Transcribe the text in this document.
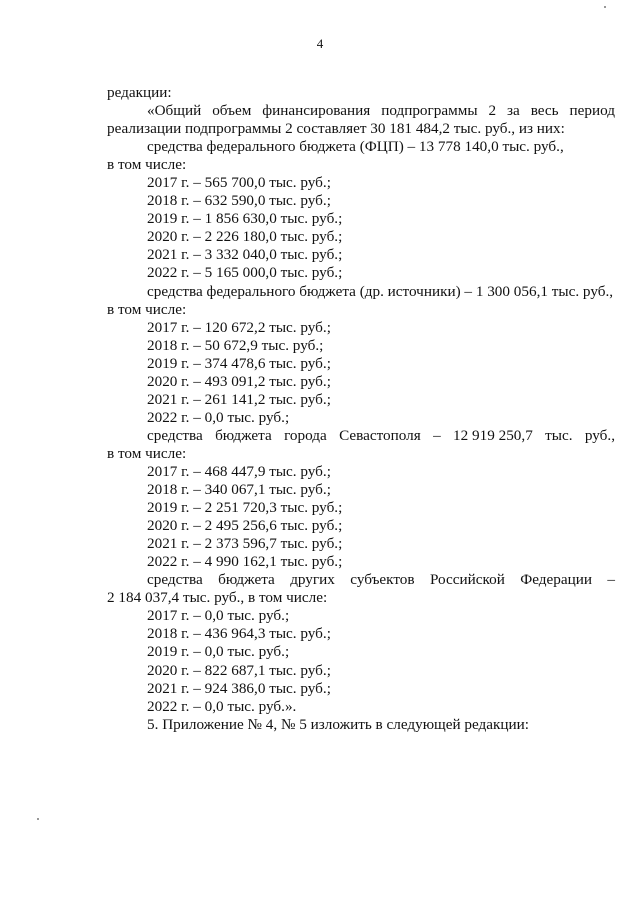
4
редакции:
«Общий объем финансирования подпрограммы 2 за весь период
реализации подпрограммы 2 составляет 30 181 484,2 тыс. руб., из них:
средства федерального бюджета (ФЦП) – 13 778 140,0 тыс. руб.,
в том числе:
2017 г. – 565 700,0 тыс. руб.;
2018 г. – 632 590,0 тыс. руб.;
2019 г. – 1 856 630,0 тыс. руб.;
2020 г. – 2 226 180,0 тыс. руб.;
2021 г. – 3 332 040,0 тыс. руб.;
2022 г. – 5 165 000,0 тыс. руб.;
средства федерального бюджета (др. источники) – 1 300 056,1 тыс. руб.,
в том числе:
2017 г. – 120 672,2 тыс. руб.;
2018 г. – 50 672,9 тыс. руб.;
2019 г. – 374 478,6 тыс. руб.;
2020 г. – 493 091,2 тыс. руб.;
2021 г. – 261 141,2 тыс. руб.;
2022 г. – 0,0 тыс. руб.;
средства бюджета города Севастополя – 12 919 250,7 тыс. руб.,
в том числе:
2017 г. – 468 447,9 тыс. руб.;
2018 г. – 340 067,1 тыс. руб.;
2019 г. – 2 251 720,3 тыс. руб.;
2020 г. – 2 495 256,6 тыс. руб.;
2021 г. – 2 373 596,7 тыс. руб.;
2022 г. – 4 990 162,1 тыс. руб.;
средства бюджета других субъектов Российской Федерации –
2 184 037,4 тыс. руб., в том числе:
2017 г. – 0,0 тыс. руб.;
2018 г. – 436 964,3 тыс. руб.;
2019 г. – 0,0 тыс. руб.;
2020 г. – 822 687,1 тыс. руб.;
2021 г. – 924 386,0 тыс. руб.;
2022 г. – 0,0 тыс. руб.».
5. Приложение № 4, № 5 изложить в следующей редакции:
